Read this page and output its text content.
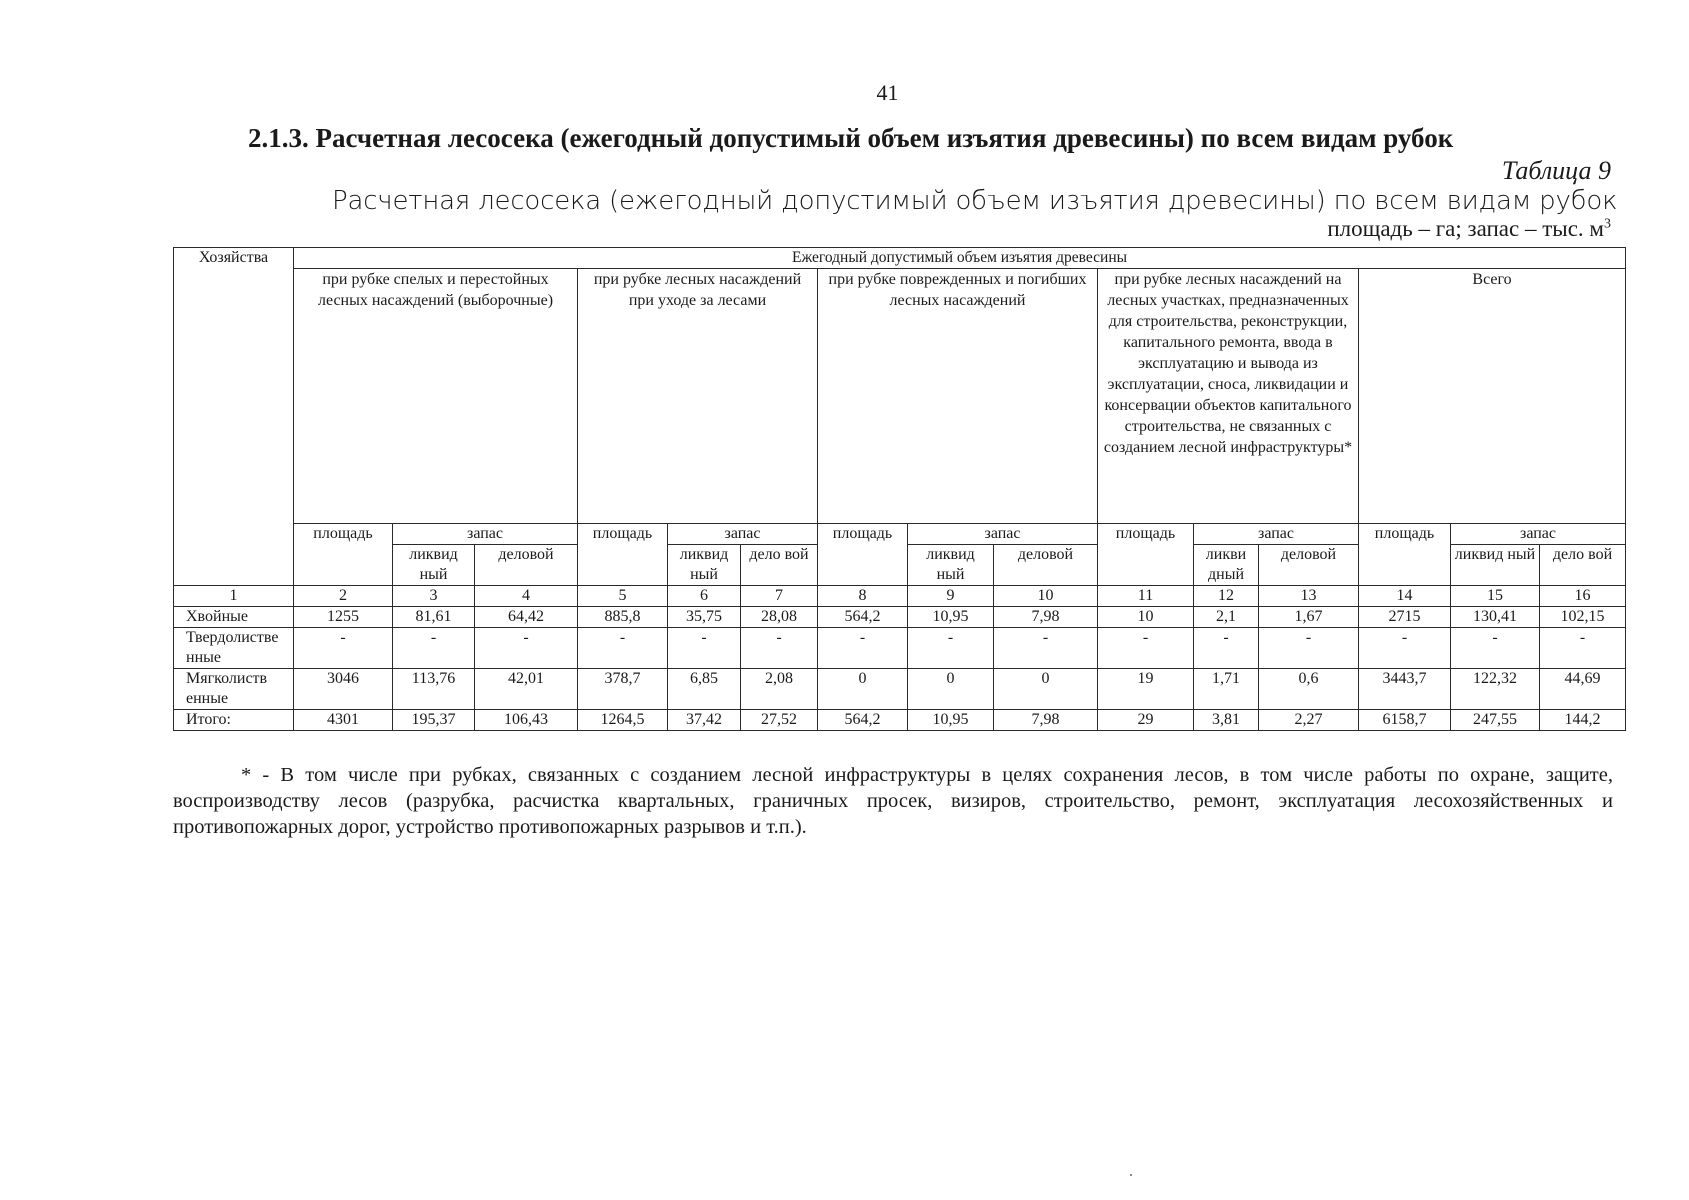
41
2.1.3. Расчетная лесосека (ежегодный допустимый объем изъятия древесины) по всем видам рубок
Таблица 9
Расчетная лесосека (ежегодный допустимый объем изъятия древесины) по всем видам рубок
площадь – га; запас – тыс. $м^3$
Хозяйства	Ежегодный допустимый объем изъятия древесины														
	при рубке спелых и перестойных лесных насаждений (выборочные)			при рубке лесных насаждений при уходе за лесами			при рубке поврежденных и погибших лесных насаждений			при рубке лесных насаждений на лесных участках, предназначенных для строительства, реконструкции, капитального ремонта, ввода в эксплуатацию и вывода из эксплуатации, сноса, ликвидации и консервации объектов капитального строительства, не связанных с созданием лесной инфраструктуры*			Всего		
	площадь	запас		площадь	запас		площадь	запас		площадь	запас		площадь	запас	
		ликвид ный	деловой		ликвид ный	дело вой		ликвид ный	деловой		ликви дный	деловой		ликвид ный	дело вой
1	2	3	4	5	6	7	8	9	10	11	12	13	14	15	16
Хвойные	1255	81,61	64,42	885,8	35,75	28,08	564,2	10,95	7,98	10	2,1	1,67	2715	130,41	102,15
Твердолистве нные	-	-	-	-	-	-	-	-	-	-	-	-	-	-	-
Мягколиств енные	3046	113,76	42,01	378,7	6,85	2,08	0	0	0	19	1,71	0,6	3443,7	122,32	44,69
Итого:	4301	195,37	106,43	1264,5	37,42	27,52	564,2	10,95	7,98	29	3,81	2,27	6158,7	247,55	144,2

* - В том числе при рубках, связанных с созданием лесной инфраструктуры в целях сохранения лесов, в том числе работы по охране, защите, воспроизводству лесов (разрубка, расчистка квартальных, граничных просек, визиров, строительство, ремонт, эксплуатация лесохозяйственных и противопожарных дорог, устройство противопожарных разрывов и т.п.).
